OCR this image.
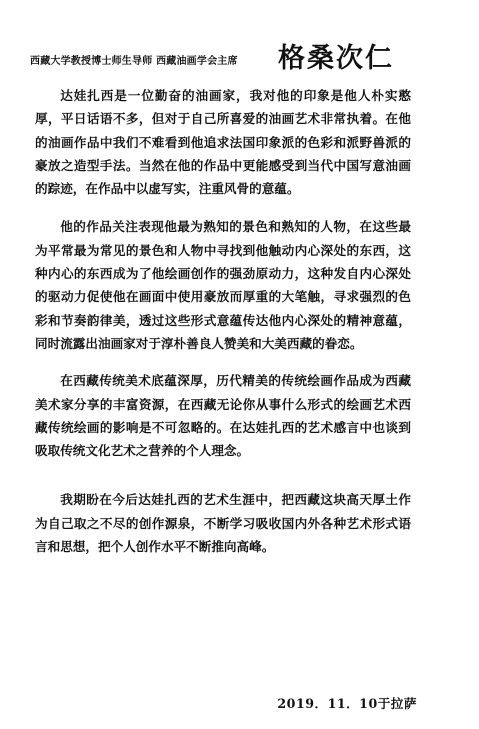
西藏大学教授博士师生导师 西藏油画学会主席 格桑次仁

达娃扎西是一位勤奋的油画家，我对他的印象是他人朴实憨厚，平日话语不多，但对于自己所喜爱的油画艺术非常执着。在他的油画作品中我们不难看到他追求法国印象派的色彩和派野兽派的豪放之造型手法。当然在他的作品中更能感受到当代中国写意油画的踪迹，在作品中以虚写实，注重风骨的意蕴。

他的作品关注表现他最为熟知的景色和熟知的人物，在这些最为平常最为常见的景色和人物中寻找到他触动内心深处的东西，这种内心的东西成为了他绘画创作的强劲原动力，这种发自内心深处的驱动力促使他在画面中使用豪放而厚重的大笔触，寻求强烈的色彩和节奏韵律美，透过这些形式意蕴传达他内心深处的精神意蕴，同时流露出油画家对于淳朴善良人赞美和大美西藏的眷恋。

在西藏传统美术底蕴深厚，历代精美的传统绘画作品成为西藏美术家分享的丰富资源，在西藏无论你从事什么形式的绘画艺术西藏传统绘画的影响是不可忽略的。在达娃扎西的艺术感言中也谈到吸取传统文化艺术之营养的个人理念。

我期盼在今后达娃扎西的艺术生涯中，把西藏这块高天厚土作为自己取之不尽的创作源泉，不断学习吸收国内外各种艺术形式语言和思想，把个人创作水平不断推向高峰。

2019．11．10于拉萨
